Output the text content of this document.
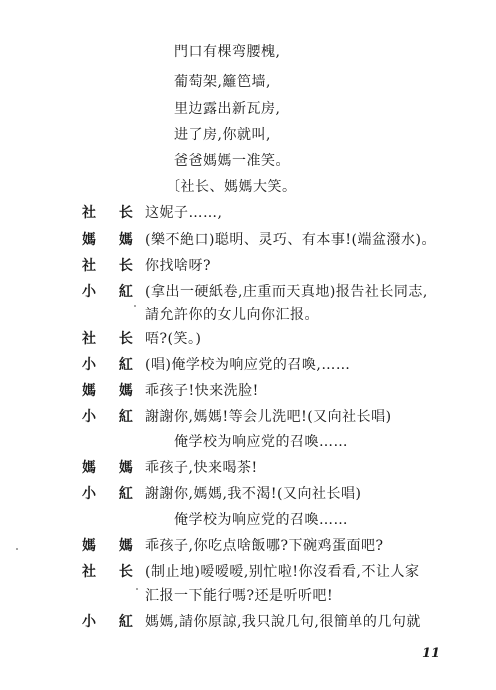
門口有棵弯腰槐,
葡萄架,籬笆墙,
里边露出新瓦房,
进了房,你就叫,
爸爸媽媽一准笑。
〔社长、媽媽大笑。
社 长 这妮子……,
媽 媽 (樂不絶口)聪明、灵巧、有本事!(端盆潑水)。
社 长 你找啥呀?
小 紅 (拿出一硬紙卷,庄重而天真地)报告社长同志,
請允許你的女儿向你汇报。
社 长 唔?(笑。)
小 紅 (唱)俺学校为响应党的召喚,……
媽 媽 乖孩子!快来洗脸!
小 紅 謝謝你,媽媽!等会儿洗吧!(又向社长唱)
俺学校为响应党的召喚……
媽 媽 乖孩子,快来喝茶!
小 紅 謝謝你,媽媽,我不渴!(又向社长唱)
俺学校为响应党的召喚……
媽 媽 乖孩子,你吃点啥飯哪?下碗鸡蛋面吧?
社 长 (制止地)嗳嗳嗳,别忙啦!你沒看看,不让人家
汇报一下能行嗎?还是听听吧!
小 紅 媽媽,請你原諒,我只說几句,很簡单的几句就
11
